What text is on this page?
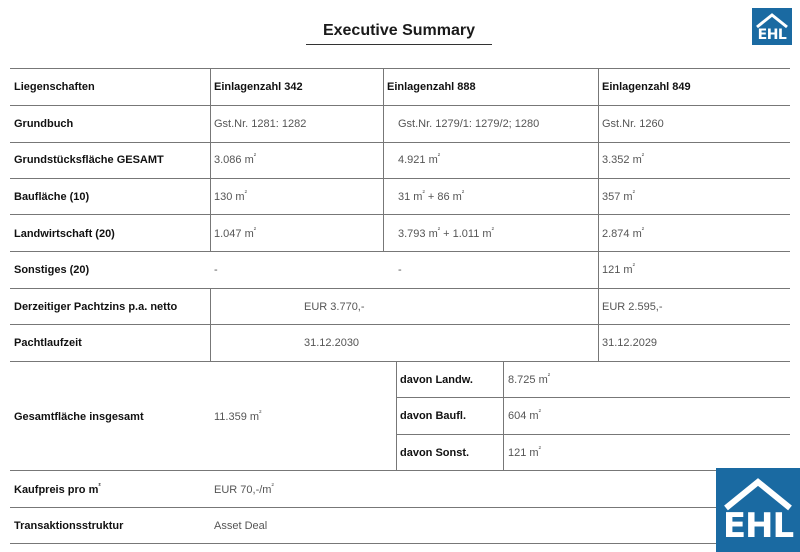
Executive Summary	EHL
EHL
Liegenschaften	Einlagenzahl 342	Einlagenzahl 888	Einlagenzahl 849
Grundbuch	Gst.Nr. 1281: 1282	Gst.Nr. 1279/1: 1279/2; 1280	Gst.Nr. 1260
Grundstücksfläche GESAMT	3.086 $m^{^2}$	4.921 $m^{^2}$	3.352 $m^{^2}$
Baufläche (10)	130 $m^{^2}$	31 $m^{^2} + 86$ $m^{^2}$	357 $m^{^2}$
Landwirtschaft (20)	1.047 $m^{^2}$	3.793 $m^{^2} + 1.011$ $m^{^2}$	2.874 $m^{^2}$
Sonstiges (20)	-	-	121 $m^{^2}$
Derzeitiger Pachtzins p.a. netto	EUR 3.770,-	EUR 2.595,-
Pachtlaufzeit	31.12.2030	31.12.2029
Gesamtfläche insgesamt	11.359 $m^{^2}$
davon Landw.	8.725 $m^{^2}$
davon Baufl.	604 $m^{^2}$
davon Sonst.	121 $m^{^2}$
Kaufpreis pro $m^{^2}$	EUR $70,-/m^{^2}$
Transaktionsstruktur	Asset Deal
